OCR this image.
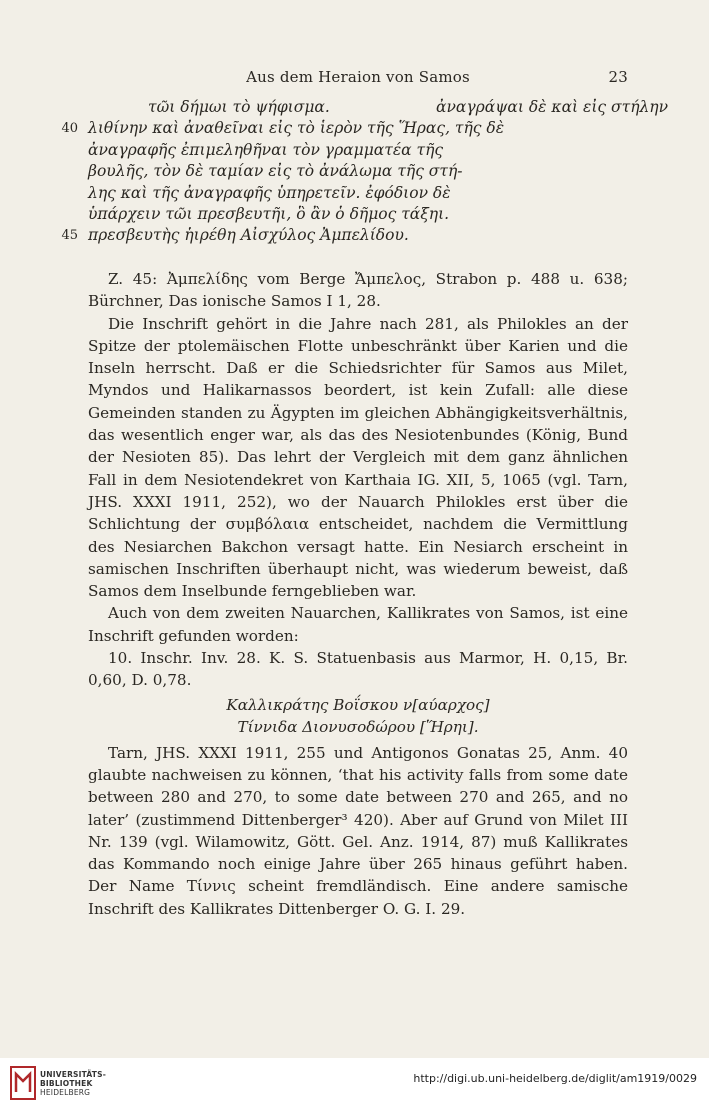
Aus dem Heraion von Samos	23
τῶι δήμωι τὸ ψήφισμα.	ἀναγράψαι δὲ καὶ εἰς στήλην
40 λιθίνην καὶ ἀναθεῖναι εἰς τὸ ἱερὸν τῆς Ἥρας, τῆς δὲ
ἀναγραφῆς ἐπιμεληθῆναι τὸν γραμματέα τῆς
βουλῆς, τὸν δὲ ταμίαν εἰς τὸ ἀνάλωμα τῆς στή-
λης καὶ τῆς ἀναγραφῆς ὑπηρετεῖν. ἐφόδιον δὲ
ὑπάρχειν τῶι πρεσβευτῆι, ὃ ἂν ὁ δῆμος τάξηι.
45 πρεσβευτὴς ἡιρέθη Αἰσχύλος Ἀμπελίδου.

Z. 45: Ἀμπελίδης vom Berge Ἄμπελος, Strabon p. 488 u. 638; Bürchner, Das ionische Samos I 1, 28.

Die Inschrift gehört in die Jahre nach 281, als Philokles an der Spitze der ptolemäischen Flotte unbeschränkt über Karien und die Inseln herrscht. Daß er die Schiedsrichter für Samos aus Milet, Myndos und Halikarnassos beordert, ist kein Zufall: alle diese Gemeinden standen zu Ägypten im gleichen Abhängigkeitsverhältnis, das wesentlich enger war, als das des Nesiotenbundes (König, Bund der Nesioten 85). Das lehrt der Vergleich mit dem ganz ähnlichen Fall in dem Nesiotendekret von Karthaia IG. XII, 5, 1065 (vgl. Tarn, JHS. XXXI 1911, 252), wo der Nauarch Philokles erst über die Schlichtung der συμβόλαια entscheidet, nachdem die Vermittlung des Nesiarchen Bakchon versagt hatte. Ein Nesiarch erscheint in samischen Inschriften überhaupt nicht, was wiederum beweist, daß Samos dem Inselbunde ferngeblieben war.

Auch von dem zweiten Nauarchen, Kallikrates von Samos, ist eine Inschrift gefunden worden:

10. Inschr. Inv. 28. K. S. Statuenbasis aus Marmor, H. 0,15, Br. 0,60, D. 0,78.

Καλλικράτης Βοΐσκου ν[αύαρχος]
Τίννιδα Διονυσοδώρου [Ἥρηι].

Tarn, JHS. XXXI 1911, 255 und Antigonos Gonatas 25, Anm. 40 glaubte nachweisen zu können, ‘that his activity falls from some date between 280 and 270, to some date between 270 and 265, and no later’ (zustimmend Dittenberger³ 420). Aber auf Grund von Milet III Nr. 139 (vgl. Wilamowitz, Gött. Gel. Anz. 1914, 87) muß Kallikrates das Kommando noch einige Jahre über 265 hinaus geführt haben. Der Name Τίννις scheint fremdländisch. Eine andere samische Inschrift des Kallikrates Dittenberger O. G. I. 29.

UNIVERSITÄTS-
BIBLIOTHEK
HEIDELBERG
http://digi.ub.uni-heidelberg.de/diglit/am1919/0029
